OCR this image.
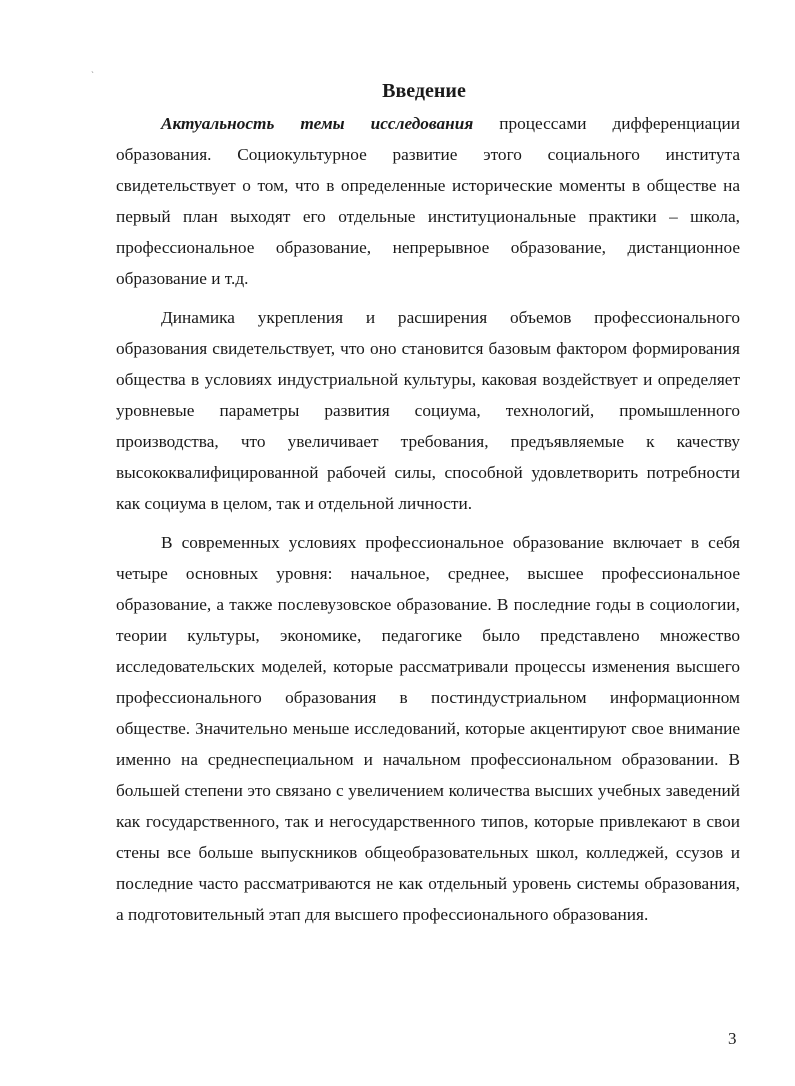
`
Введение

Актуальность темы исследования процессами дифференциации образования. Социокультурное развитие этого социального института свидетельствует о том, что в определенные исторические моменты в обществе на первый план выходят его отдельные институциональные практики – школа, профессиональное образование, непрерывное образование, дистанционное образование и т.д.

Динамика укрепления и расширения объемов профессионального образования свидетельствует, что оно становится базовым фактором формирования общества в условиях индустриальной культуры, каковая воздействует и определяет уровневые параметры развития социума, технологий, промышленного производства, что увеличивает требования, предъявляемые к качеству высококвалифицированной рабочей силы, способной удовлетворить потребности как социума в целом, так и отдельной личности.

В современных условиях профессиональное образование включает в себя четыре основных уровня: начальное, среднее, высшее профессиональное образование, а также послевузовское образование. В последние годы в социологии, теории культуры, экономике, педагогике было представлено множество исследовательских моделей, которые рассматривали процессы изменения высшего профессионального образования в постиндустриальном информационном обществе. Значительно меньше исследований, которые акцентируют свое внимание именно на среднеспециальном и начальном профессиональном образовании. В большей степени это связано с увеличением количества высших учебных заведений как государственного, так и негосударственного типов, которые привлекают в свои стены все больше выпускников общеобразовательных школ, колледжей, ссузов и последние часто рассматриваются не как отдельный уровень системы образования, а подготовительный этап для высшего профессионального образования.

3
